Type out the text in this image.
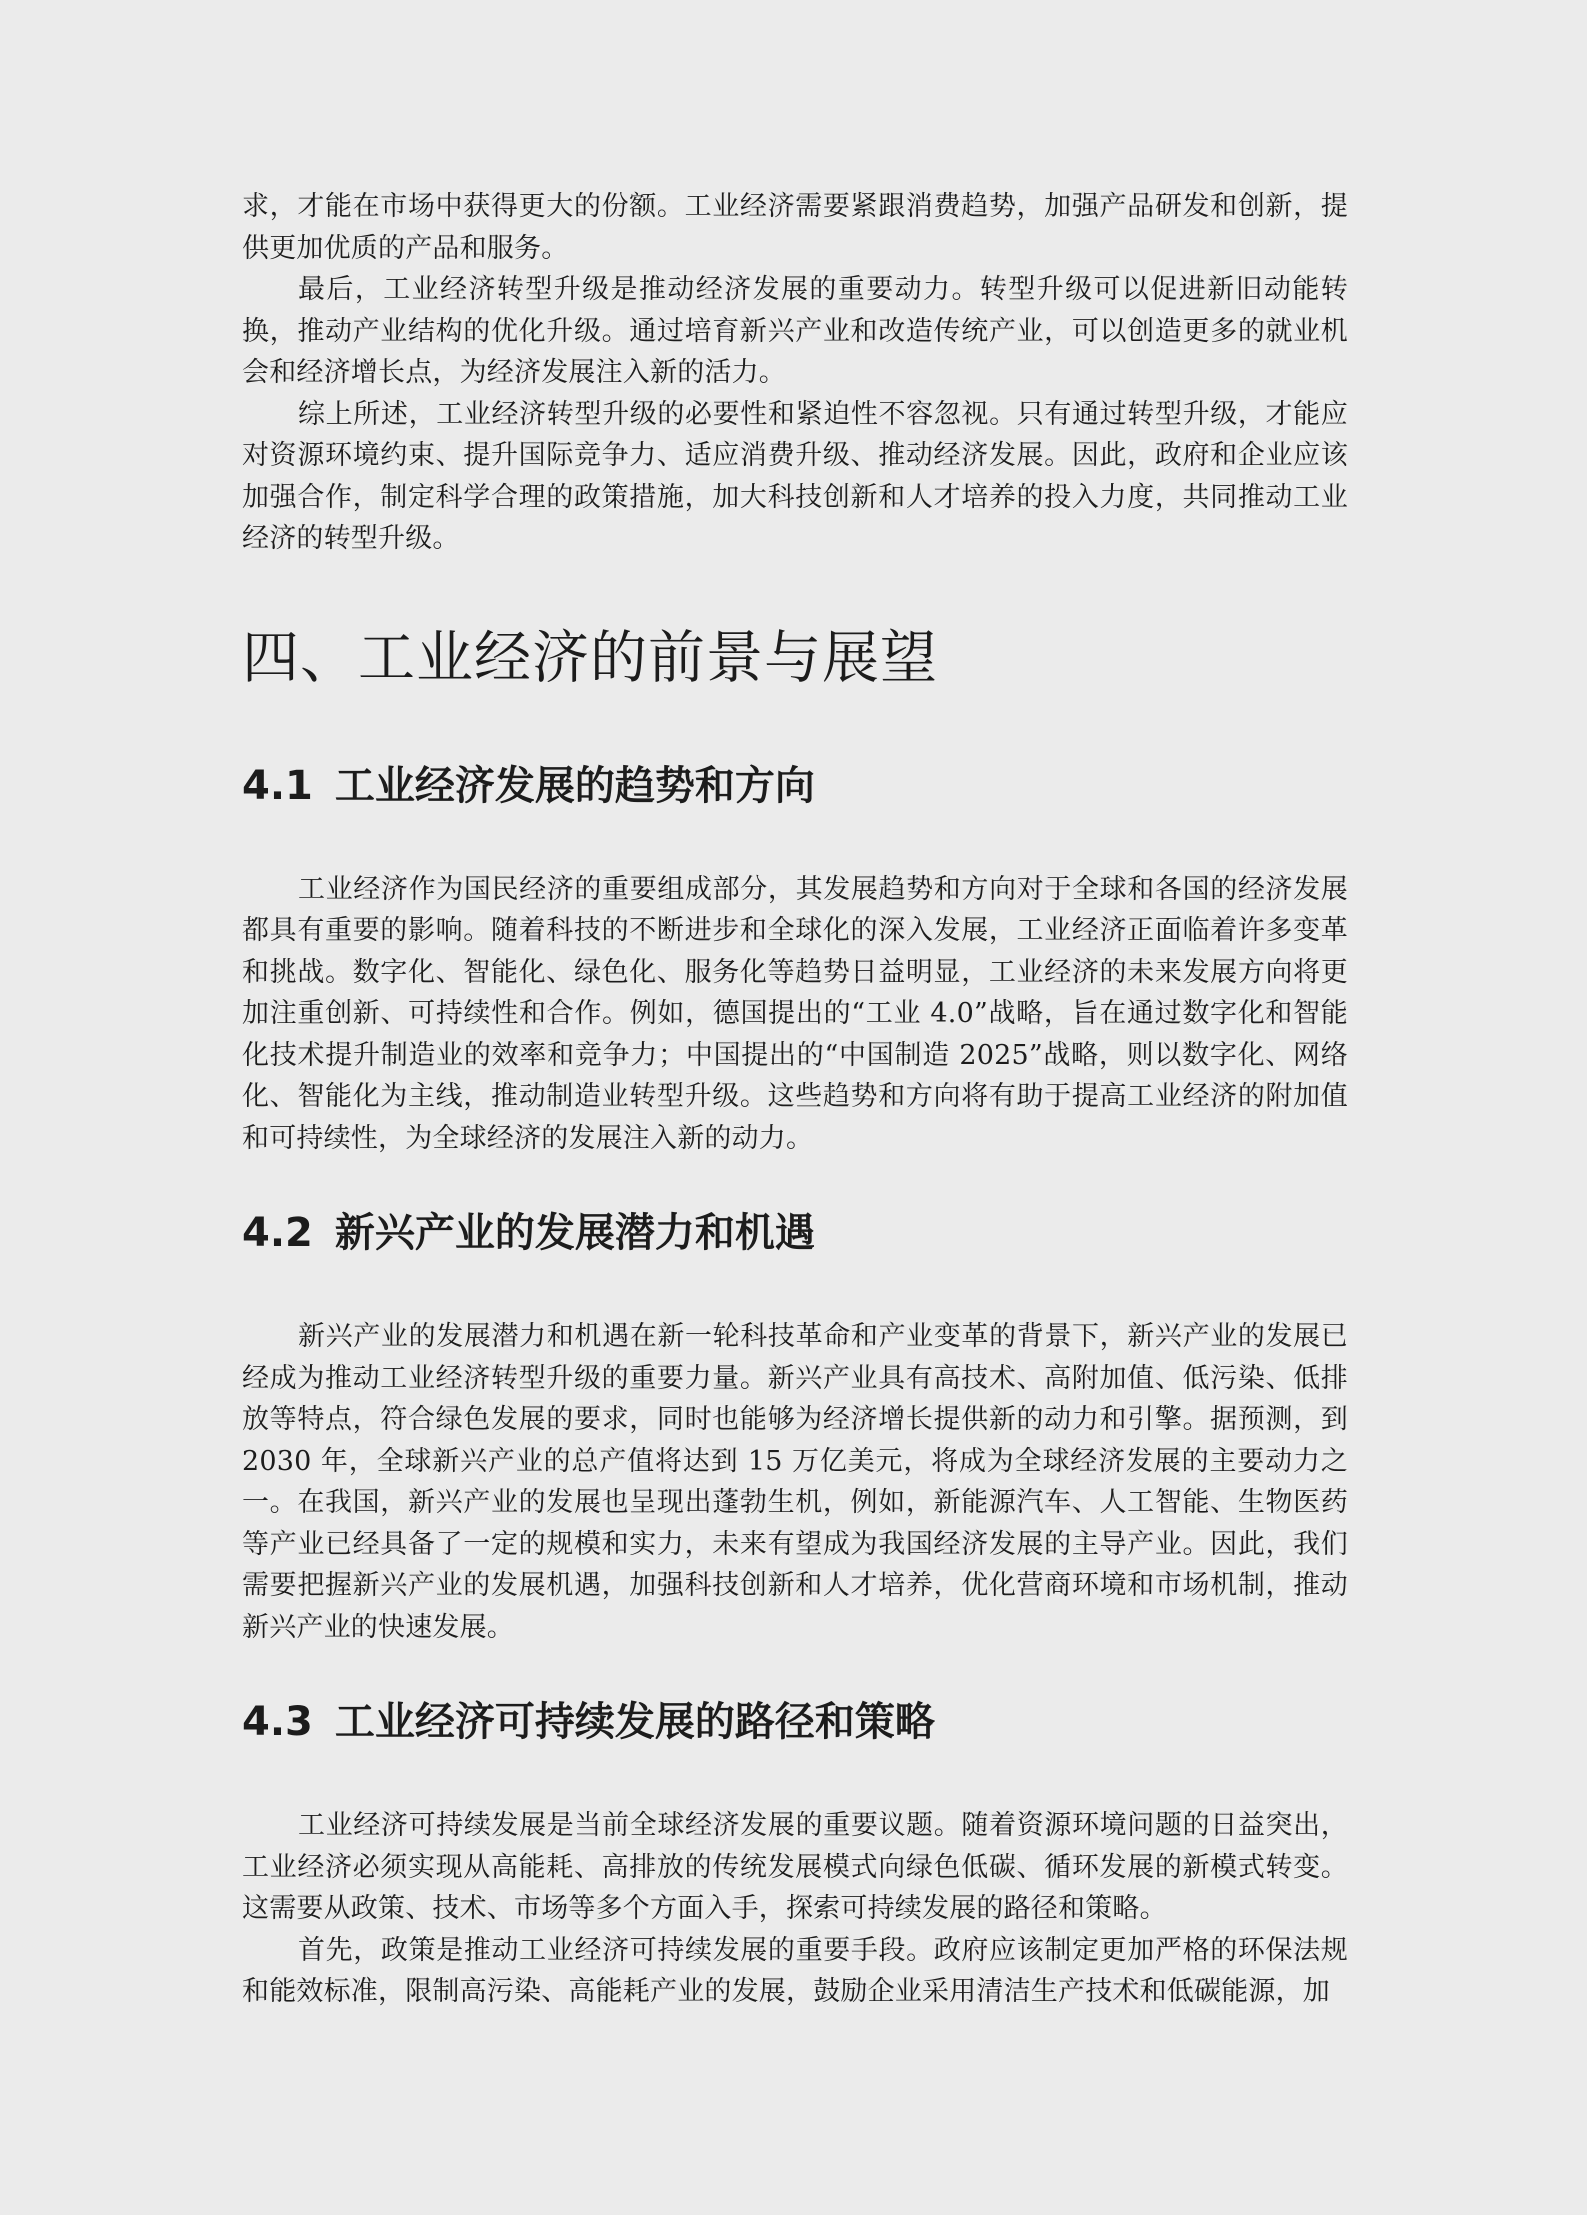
求，才能在市场中获得更大的份额。工业经济需要紧跟消费趋势，加强产品研发和创新，提供更加优质的产品和服务。

最后，工业经济转型升级是推动经济发展的重要动力。转型升级可以促进新旧动能转换，推动产业结构的优化升级。通过培育新兴产业和改造传统产业，可以创造更多的就业机会和经济增长点，为经济发展注入新的活力。

综上所述，工业经济转型升级的必要性和紧迫性不容忽视。只有通过转型升级，才能应对资源环境约束、提升国际竞争力、适应消费升级、推动经济发展。因此，政府和企业应该加强合作，制定科学合理的政策措施，加大科技创新和人才培养的投入力度，共同推动工业经济的转型升级。

四、工业经济的前景与展望
4.1 工业经济发展的趋势和方向

工业经济作为国民经济的重要组成部分，其发展趋势和方向对于全球和各国的经济发展都具有重要的影响。随着科技的不断进步和全球化的深入发展，工业经济正面临着许多变革和挑战。数字化、智能化、绿色化、服务化等趋势日益明显，工业经济的未来发展方向将更加注重创新、可持续性和合作。例如，德国提出的“工业 4.0”战略，旨在通过数字化和智能化技术提升制造业的效率和竞争力；中国提出的“中国制造 2025”战略，则以数字化、网络化、智能化为主线，推动制造业转型升级。这些趋势和方向将有助于提高工业经济的附加值和可持续性，为全球经济的发展注入新的动力。

4.2 新兴产业的发展潜力和机遇

新兴产业的发展潜力和机遇在新一轮科技革命和产业变革的背景下，新兴产业的发展已经成为推动工业经济转型升级的重要力量。新兴产业具有高技术、高附加值、低污染、低排放等特点，符合绿色发展的要求，同时也能够为经济增长提供新的动力和引擎。据预测，到 2030 年，全球新兴产业的总产值将达到 15 万亿美元，将成为全球经济发展的主要动力之一。在我国，新兴产业的发展也呈现出蓬勃生机，例如，新能源汽车、人工智能、生物医药等产业已经具备了一定的规模和实力，未来有望成为我国经济发展的主导产业。因此，我们需要把握新兴产业的发展机遇，加强科技创新和人才培养，优化营商环境和市场机制，推动新兴产业的快速发展。

4.3 工业经济可持续发展的路径和策略

工业经济可持续发展是当前全球经济发展的重要议题。随着资源环境问题的日益突出，工业经济必须实现从高能耗、高排放的传统发展模式向绿色低碳、循环发展的新模式转变。这需要从政策、技术、市场等多个方面入手，探索可持续发展的路径和策略。

首先，政策是推动工业经济可持续发展的重要手段。政府应该制定更加严格的环保法规和能效标准，限制高污染、高能耗产业的发展，鼓励企业采用清洁生产技术和低碳能源，加
